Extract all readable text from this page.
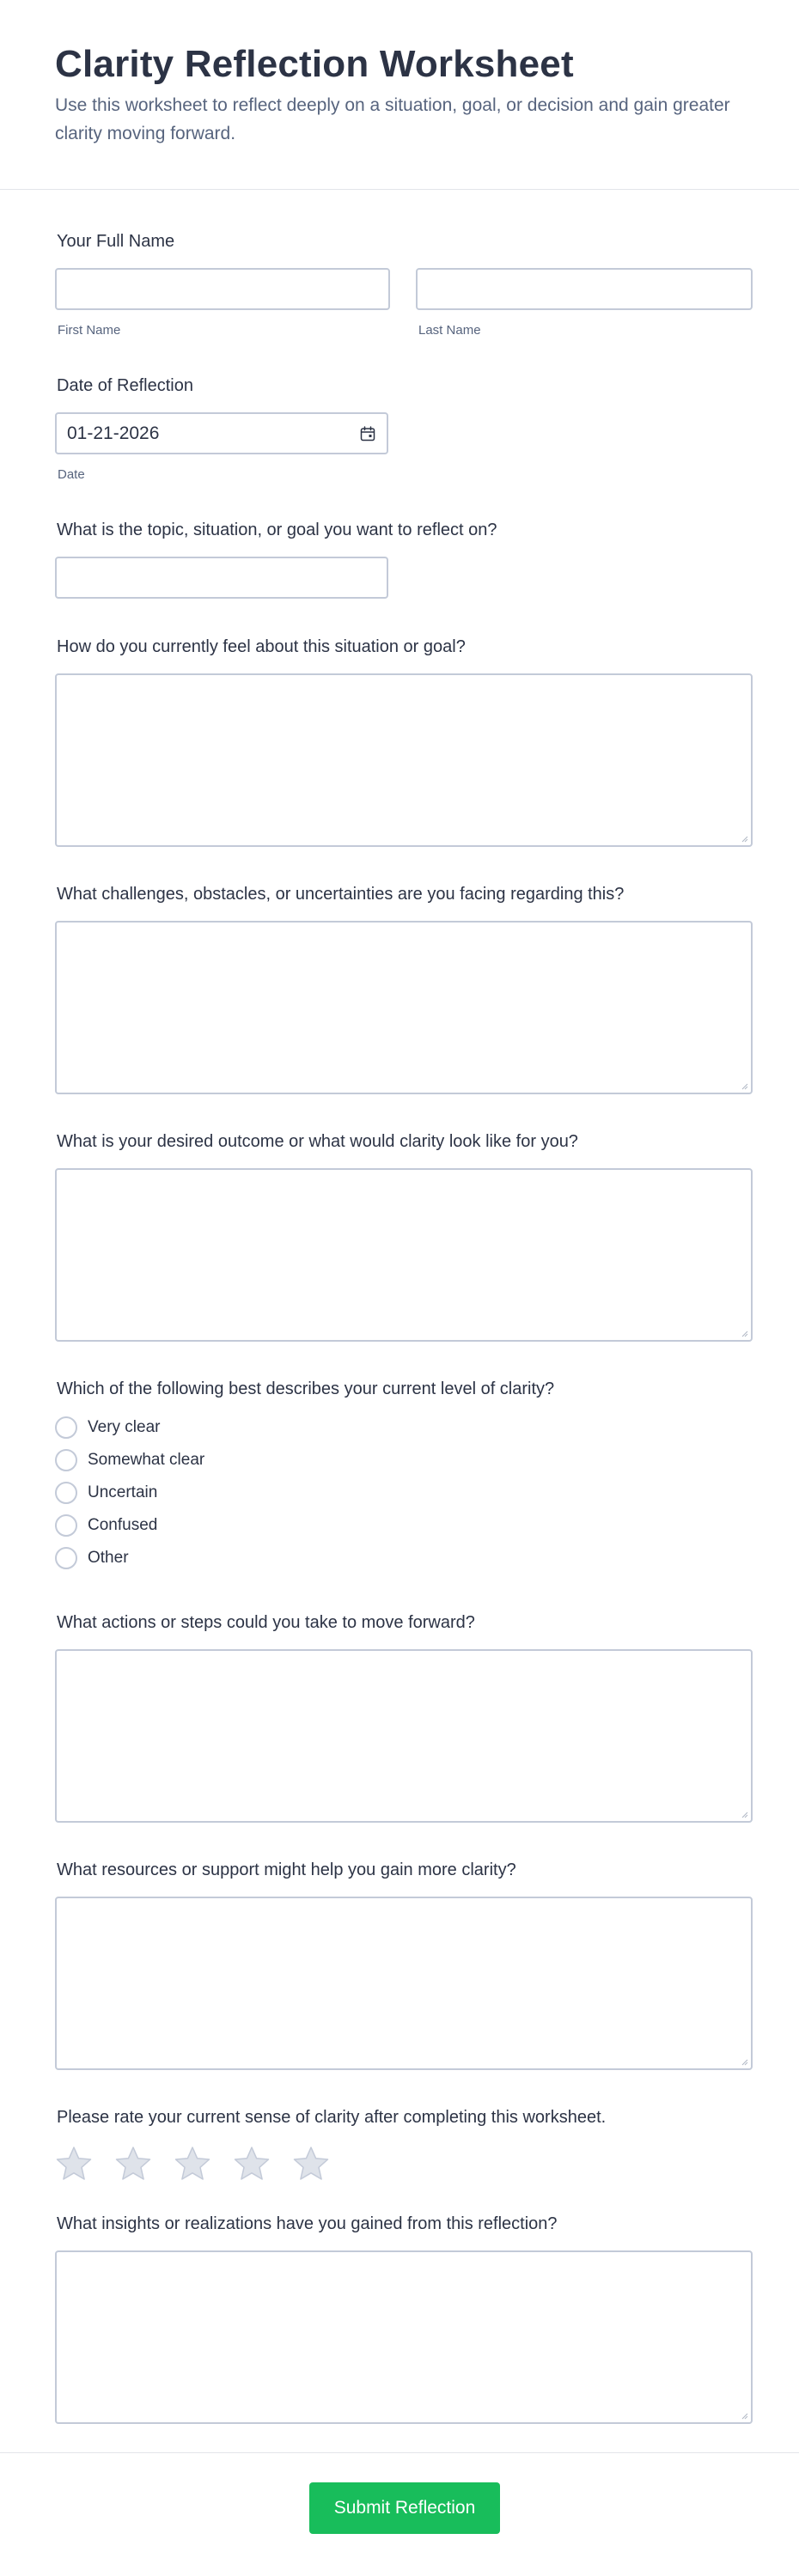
Clarity Reflection Worksheet

Use this worksheet to reflect deeply on a situation, goal, or decision and gain greater clarity moving forward.

Your Full Name
First Name	Last Name
Date of Reflection
01-21-2026
Date
What is the topic, situation, or goal you want to reflect on?
How do you currently feel about this situation or goal?
What challenges, obstacles, or uncertainties are you facing regarding this?
What is your desired outcome or what would clarity look like for you?
Which of the following best describes your current level of clarity?
Very clear
Somewhat clear
Uncertain
Confused
Other
What actions or steps could you take to move forward?
What resources or support might help you gain more clarity?
Please rate your current sense of clarity after completing this worksheet.
What insights or realizations have you gained from this reflection?
Submit Reflection
